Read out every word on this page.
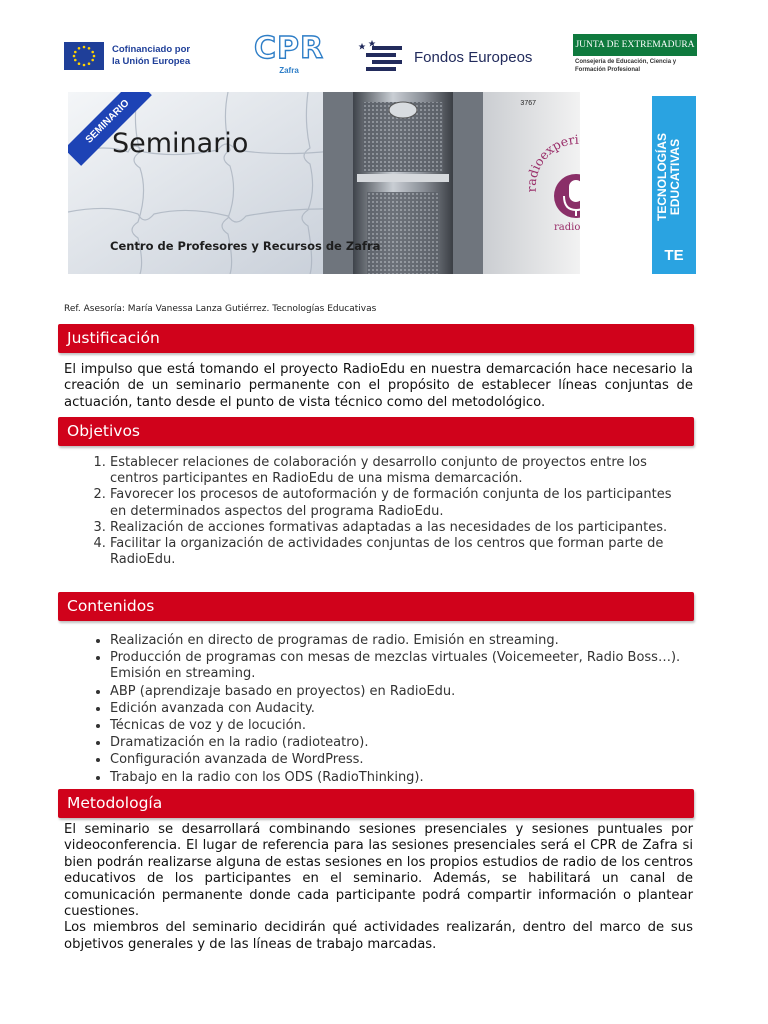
Cofinanciado por
la Unión Europea	CPR
Zafra
Fondos Europeos
JUNTA DE EXTREMADURA
Consejería de Educación, Ciencia y
Formación Profesional
SEMINARIO
Seminario
Centro de Profesores y Recursos de Zafra
3767
radioexperiencias
radio edu
TECNOLOGÍAS EDUCATIVAS
TE
Ref. Asesoría: María Vanessa Lanza Gutiérrez. Tecnologías Educativas
Justificación
El impulso que está tomando el proyecto RadioEdu en nuestra demarcación hace necesario la creación de un seminario permanente con el propósito de establecer líneas conjuntas de actuación, tanto desde el punto de vista técnico como del metodológico.
Objetivos
1. Establecer relaciones de colaboración y desarrollo conjunto de proyectos entre los centros participantes en RadioEdu de una misma demarcación.
2. Favorecer los procesos de autoformación y de formación conjunta de los participantes en determinados aspectos del programa RadioEdu.
3. Realización de acciones formativas adaptadas a las necesidades de los participantes.
4. Facilitar la organización de actividades conjuntas de los centros que forman parte de RadioEdu.
Contenidos
• Realización en directo de programas de radio. Emisión en streaming.
• Producción de programas con mesas de mezclas virtuales (Voicemeeter, Radio Boss…). Emisión en streaming.
• ABP (aprendizaje basado en proyectos) en RadioEdu.
• Edición avanzada con Audacity.
• Técnicas de voz y de locución.
• Dramatización en la radio (radioteatro).
• Configuración avanzada de WordPress.
• Trabajo en la radio con los ODS (RadioThinking).
Metodología
El seminario se desarrollará combinando sesiones presenciales y sesiones puntuales por videoconferencia. El lugar de referencia para las sesiones presenciales será el CPR de Zafra si bien podrán realizarse alguna de estas sesiones en los propios estudios de radio de los centros educativos de los participantes en el seminario. Además, se habilitará un canal de comunicación permanente donde cada participante podrá compartir información o plantear cuestiones.
Los miembros del seminario decidirán qué actividades realizarán, dentro del marco de sus objetivos generales y de las líneas de trabajo marcadas.
